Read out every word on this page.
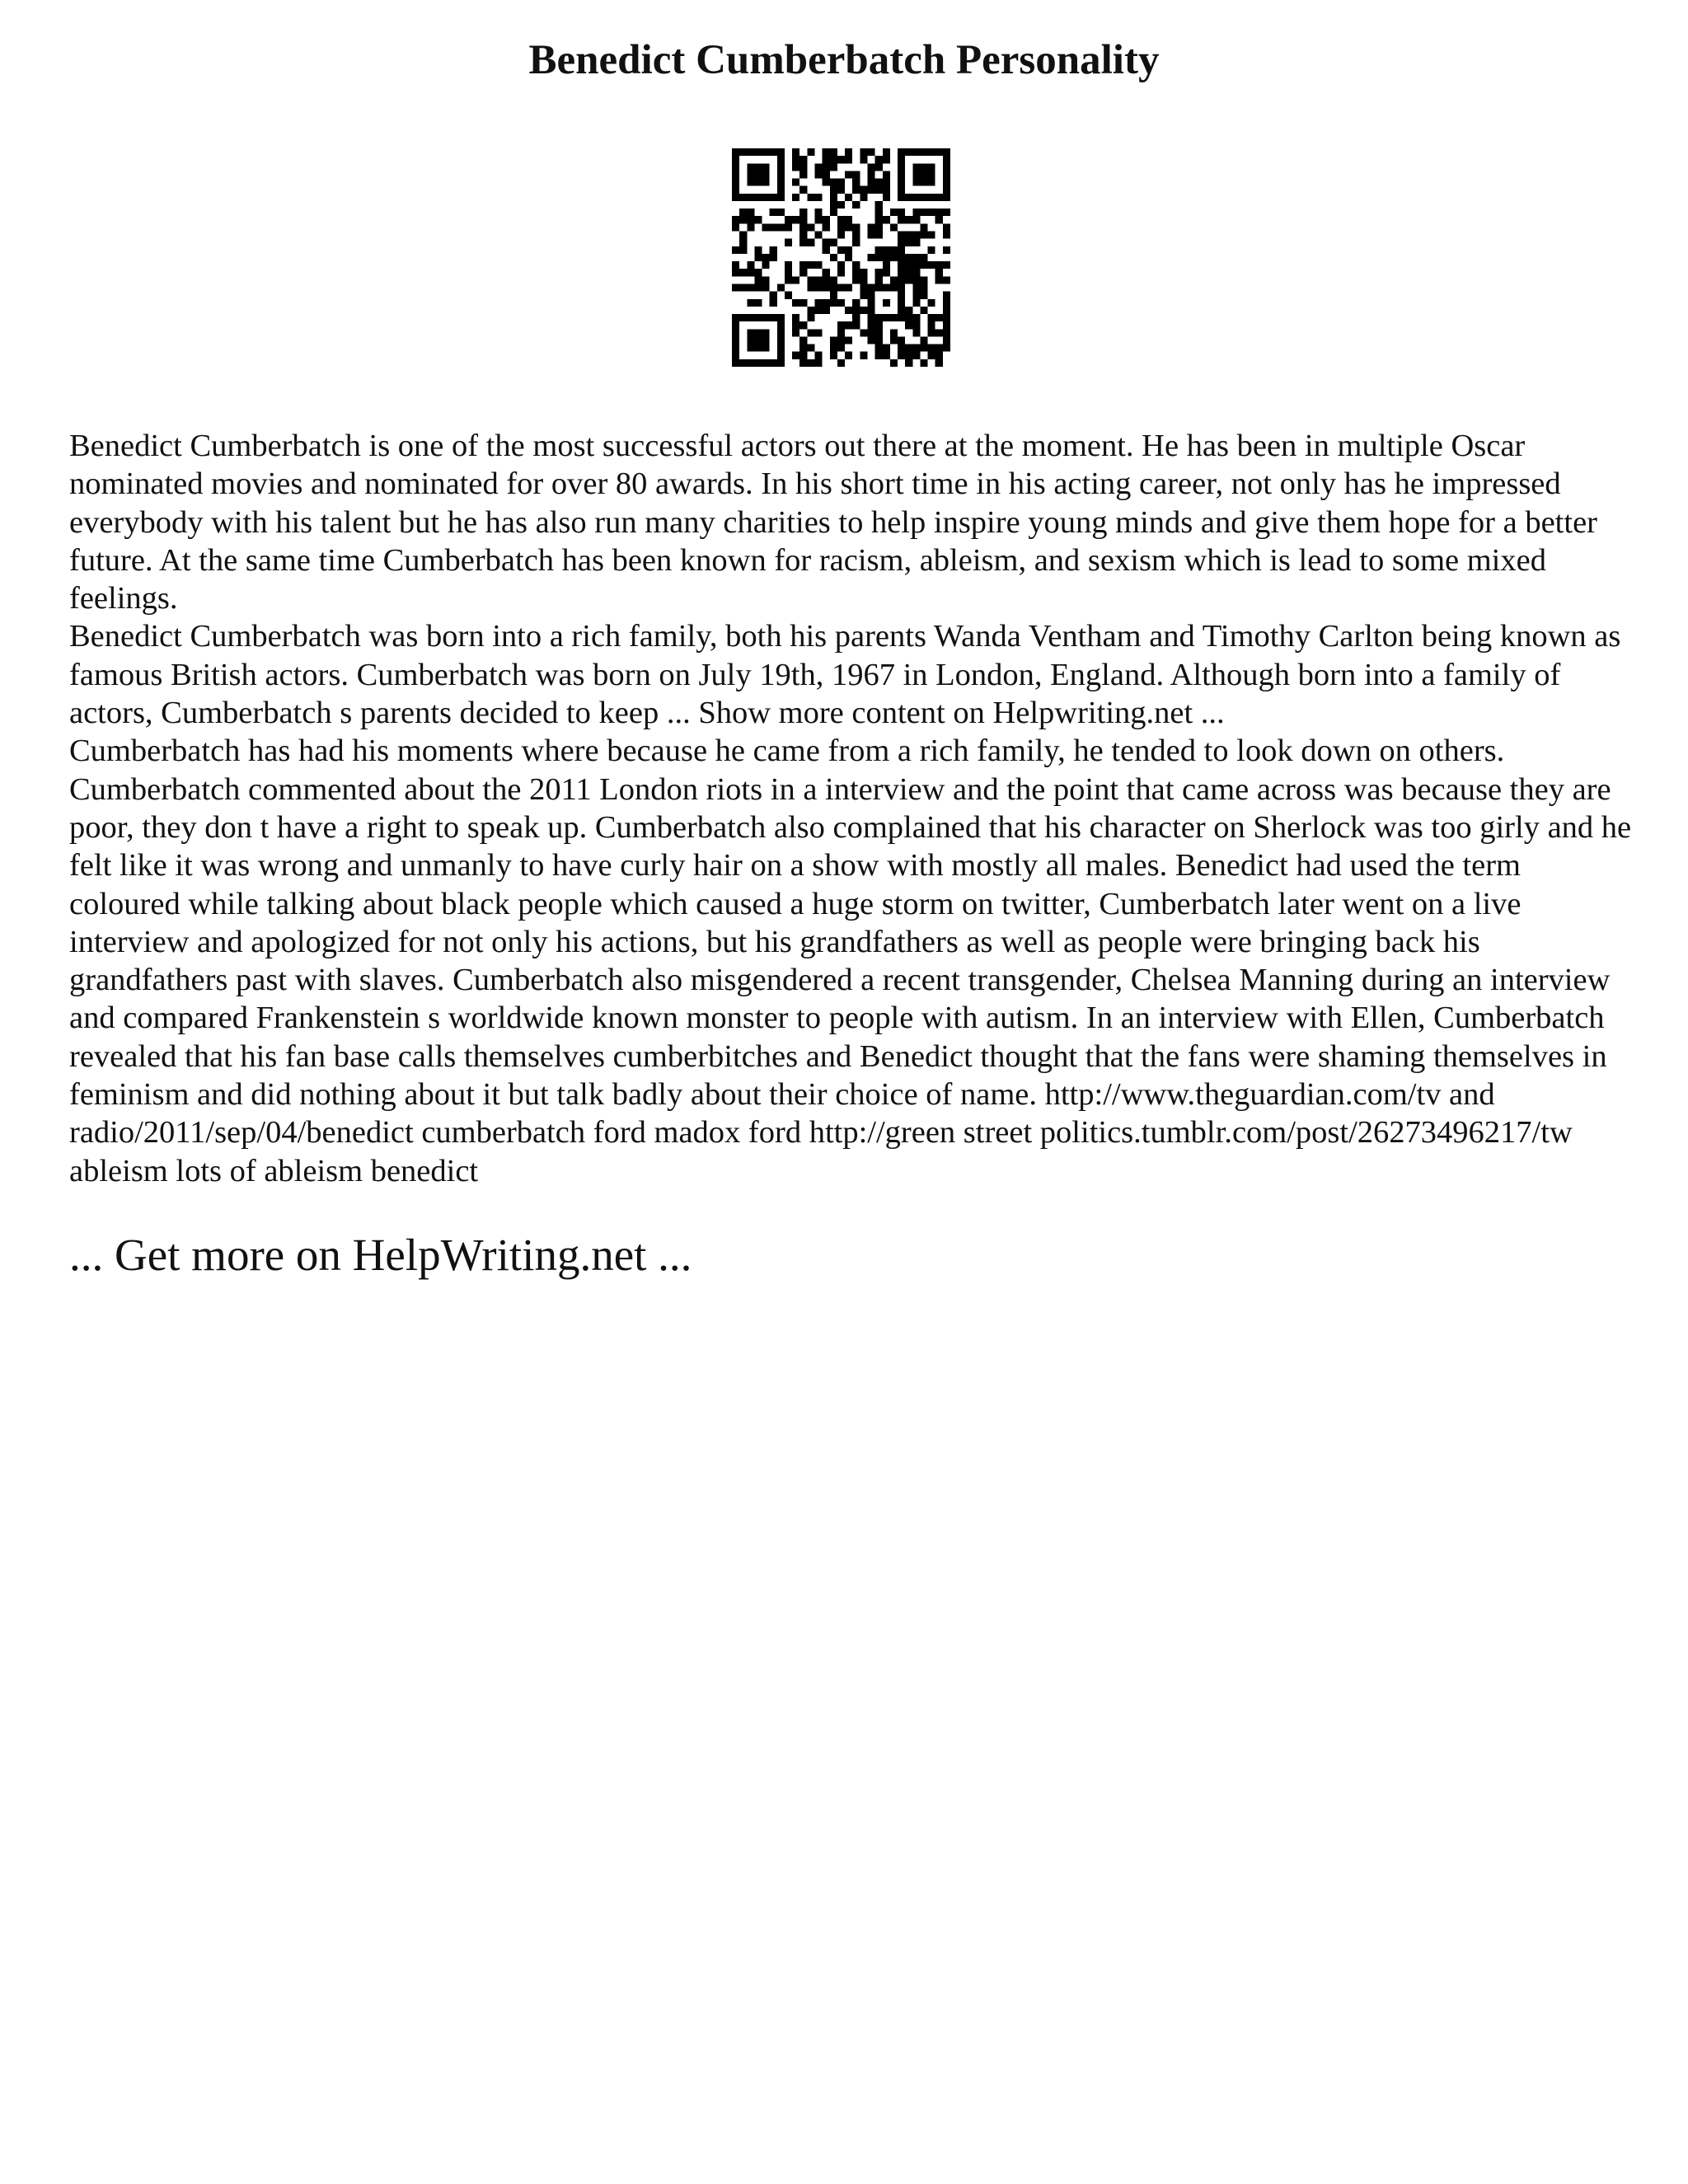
Benedict Cumberbatch Personality

Benedict Cumberbatch is one of the most successful actors out there at the moment. He has been in multiple Oscar nominated movies and nominated for over 80 awards. In his short time in his acting career, not only has he impressed everybody with his talent but he has also run many charities to help inspire young minds and give them hope for a better future. At the same time Cumberbatch has been known for racism, ableism, and sexism which is lead to some mixed feelings.

Benedict Cumberbatch was born into a rich family, both his parents Wanda Ventham and Timothy Carlton being known as famous British actors. Cumberbatch was born on July 19th, 1967 in London, England. Although born into a family of actors, Cumberbatch s parents decided to keep ... Show more content on Helpwriting.net ...

Cumberbatch has had his moments where because he came from a rich family, he tended to look down on others. Cumberbatch commented about the 2011 London riots in a interview and the point that came across was because they are poor, they don t have a right to speak up. Cumberbatch also complained that his character on Sherlock was too girly and he felt like it was wrong and unmanly to have curly hair on a show with mostly all males. Benedict had used the term coloured while talking about black people which caused a huge storm on twitter, Cumberbatch later went on a live interview and apologized for not only his actions, but his grandfathers as well as people were bringing back his grandfathers past with slaves. Cumberbatch also misgendered a recent transgender, Chelsea Manning during an interview and compared Frankenstein s worldwide known monster to people with autism. In an interview with Ellen, Cumberbatch revealed that his fan base calls themselves cumberbitches and Benedict thought that the fans were shaming themselves in feminism and did nothing about it but talk badly about their choice of name. http://www.theguardian.com/tv and radio/2011/sep/04/benedict cumberbatch ford madox ford http://green street politics.tumblr.com/post/26273496217/tw ableism lots of ableism benedict

... Get more on HelpWriting.net ...
